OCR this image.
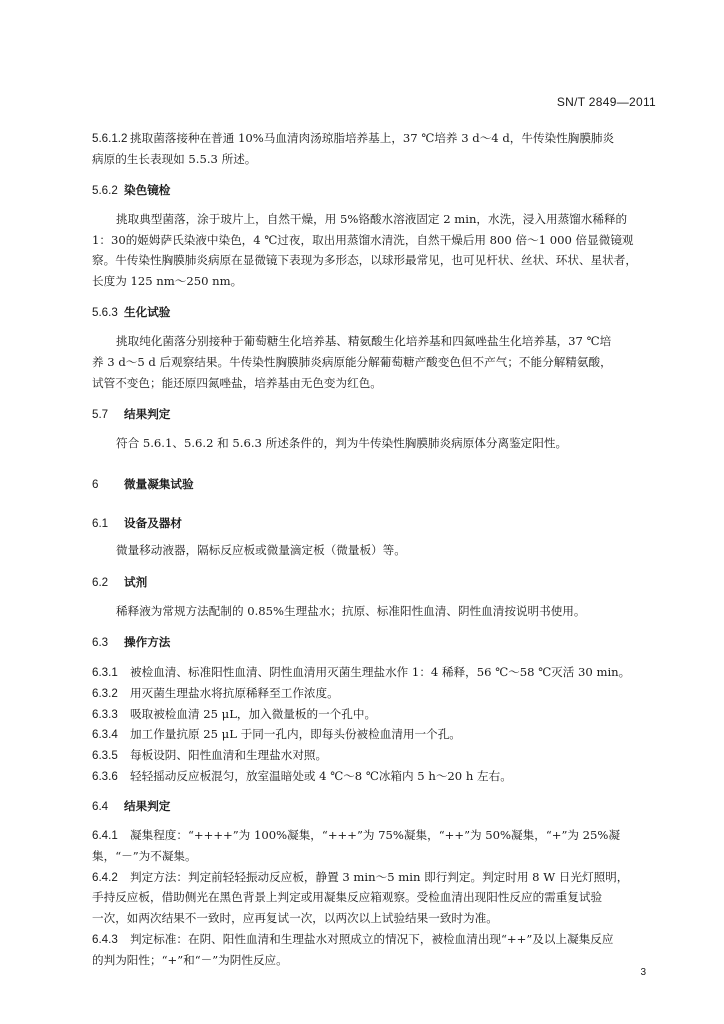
SN/T 2849—2011
5.6.1.2 挑取菌落接种在普通 10%马血清肉汤琼脂培养基上，37 ℃培养 3 d～4 d，牛传染性胸膜肺炎
病原的生长表现如 5.5.3 所述。
5.6.2 染色镜检
挑取典型菌落，涂于玻片上，自然干燥，用 5%铬酸水溶液固定 2 min，水洗，浸入用蒸馏水稀释的
1：30的姬姆萨氏染液中染色，4 ℃过夜，取出用蒸馏水清洗，自然干燥后用 800 倍～1 000 倍显微镜观
察。牛传染性胸膜肺炎病原在显微镜下表现为多形态，以球形最常见，也可见杆状、丝状、环状、星状者，
长度为 125 nm～250 nm。
5.6.3 生化试验
挑取纯化菌落分别接种于葡萄糖生化培养基、精氨酸生化培养基和四氮唑盐生化培养基，37 ℃培
养 3 d～5 d 后观察结果。牛传染性胸膜肺炎病原能分解葡萄糖产酸变色但不产气；不能分解精氨酸，
试管不变色；能还原四氮唑盐，培养基由无色变为红色。
5.7 结果判定
符合 5.6.1、5.6.2 和 5.6.3 所述条件的，判为牛传染性胸膜肺炎病原体分离鉴定阳性。
6 微量凝集试验
6.1 设备及器材
微量移动液器，隔标反应板或微量滴定板（微量板）等。
6.2 试剂
稀释液为常规方法配制的 0.85%生理盐水；抗原、标准阳性血清、阴性血清按说明书使用。
6.3 操作方法
6.3.1 被检血清、标准阳性血清、阴性血清用灭菌生理盐水作 1：4 稀释，56 ℃～58 ℃灭活 30 min。
6.3.2 用灭菌生理盐水将抗原稀释至工作浓度。
6.3.3 吸取被检血清 25 μL，加入微量板的一个孔中。
6.3.4 加工作量抗原 25 μL 于同一孔内，即每头份被检血清用一个孔。
6.3.5 每板设阴、阳性血清和生理盐水对照。
6.3.6 轻轻摇动反应板混匀，放室温暗处或 4 ℃～8 ℃冰箱内 5 h～20 h 左右。
6.4 结果判定
6.4.1 凝集程度：“++++”为 100%凝集，“+++”为 75%凝集，“++”为 50%凝集，“+”为 25%凝
集，“－”为不凝集。
6.4.2 判定方法：判定前轻轻振动反应板，静置 3 min～5 min 即行判定。判定时用 8 W 日光灯照明，
手持反应板，借助侧光在黑色背景上判定或用凝集反应箱观察。受检血清出现阳性反应的需重复试验
一次，如两次结果不一致时，应再复试一次，以两次以上试验结果一致时为准。
6.4.3 判定标准：在阴、阳性血清和生理盐水对照成立的情况下，被检血清出现“++”及以上凝集反应
的判为阳性；“+”和“－”为阴性反应。
3
